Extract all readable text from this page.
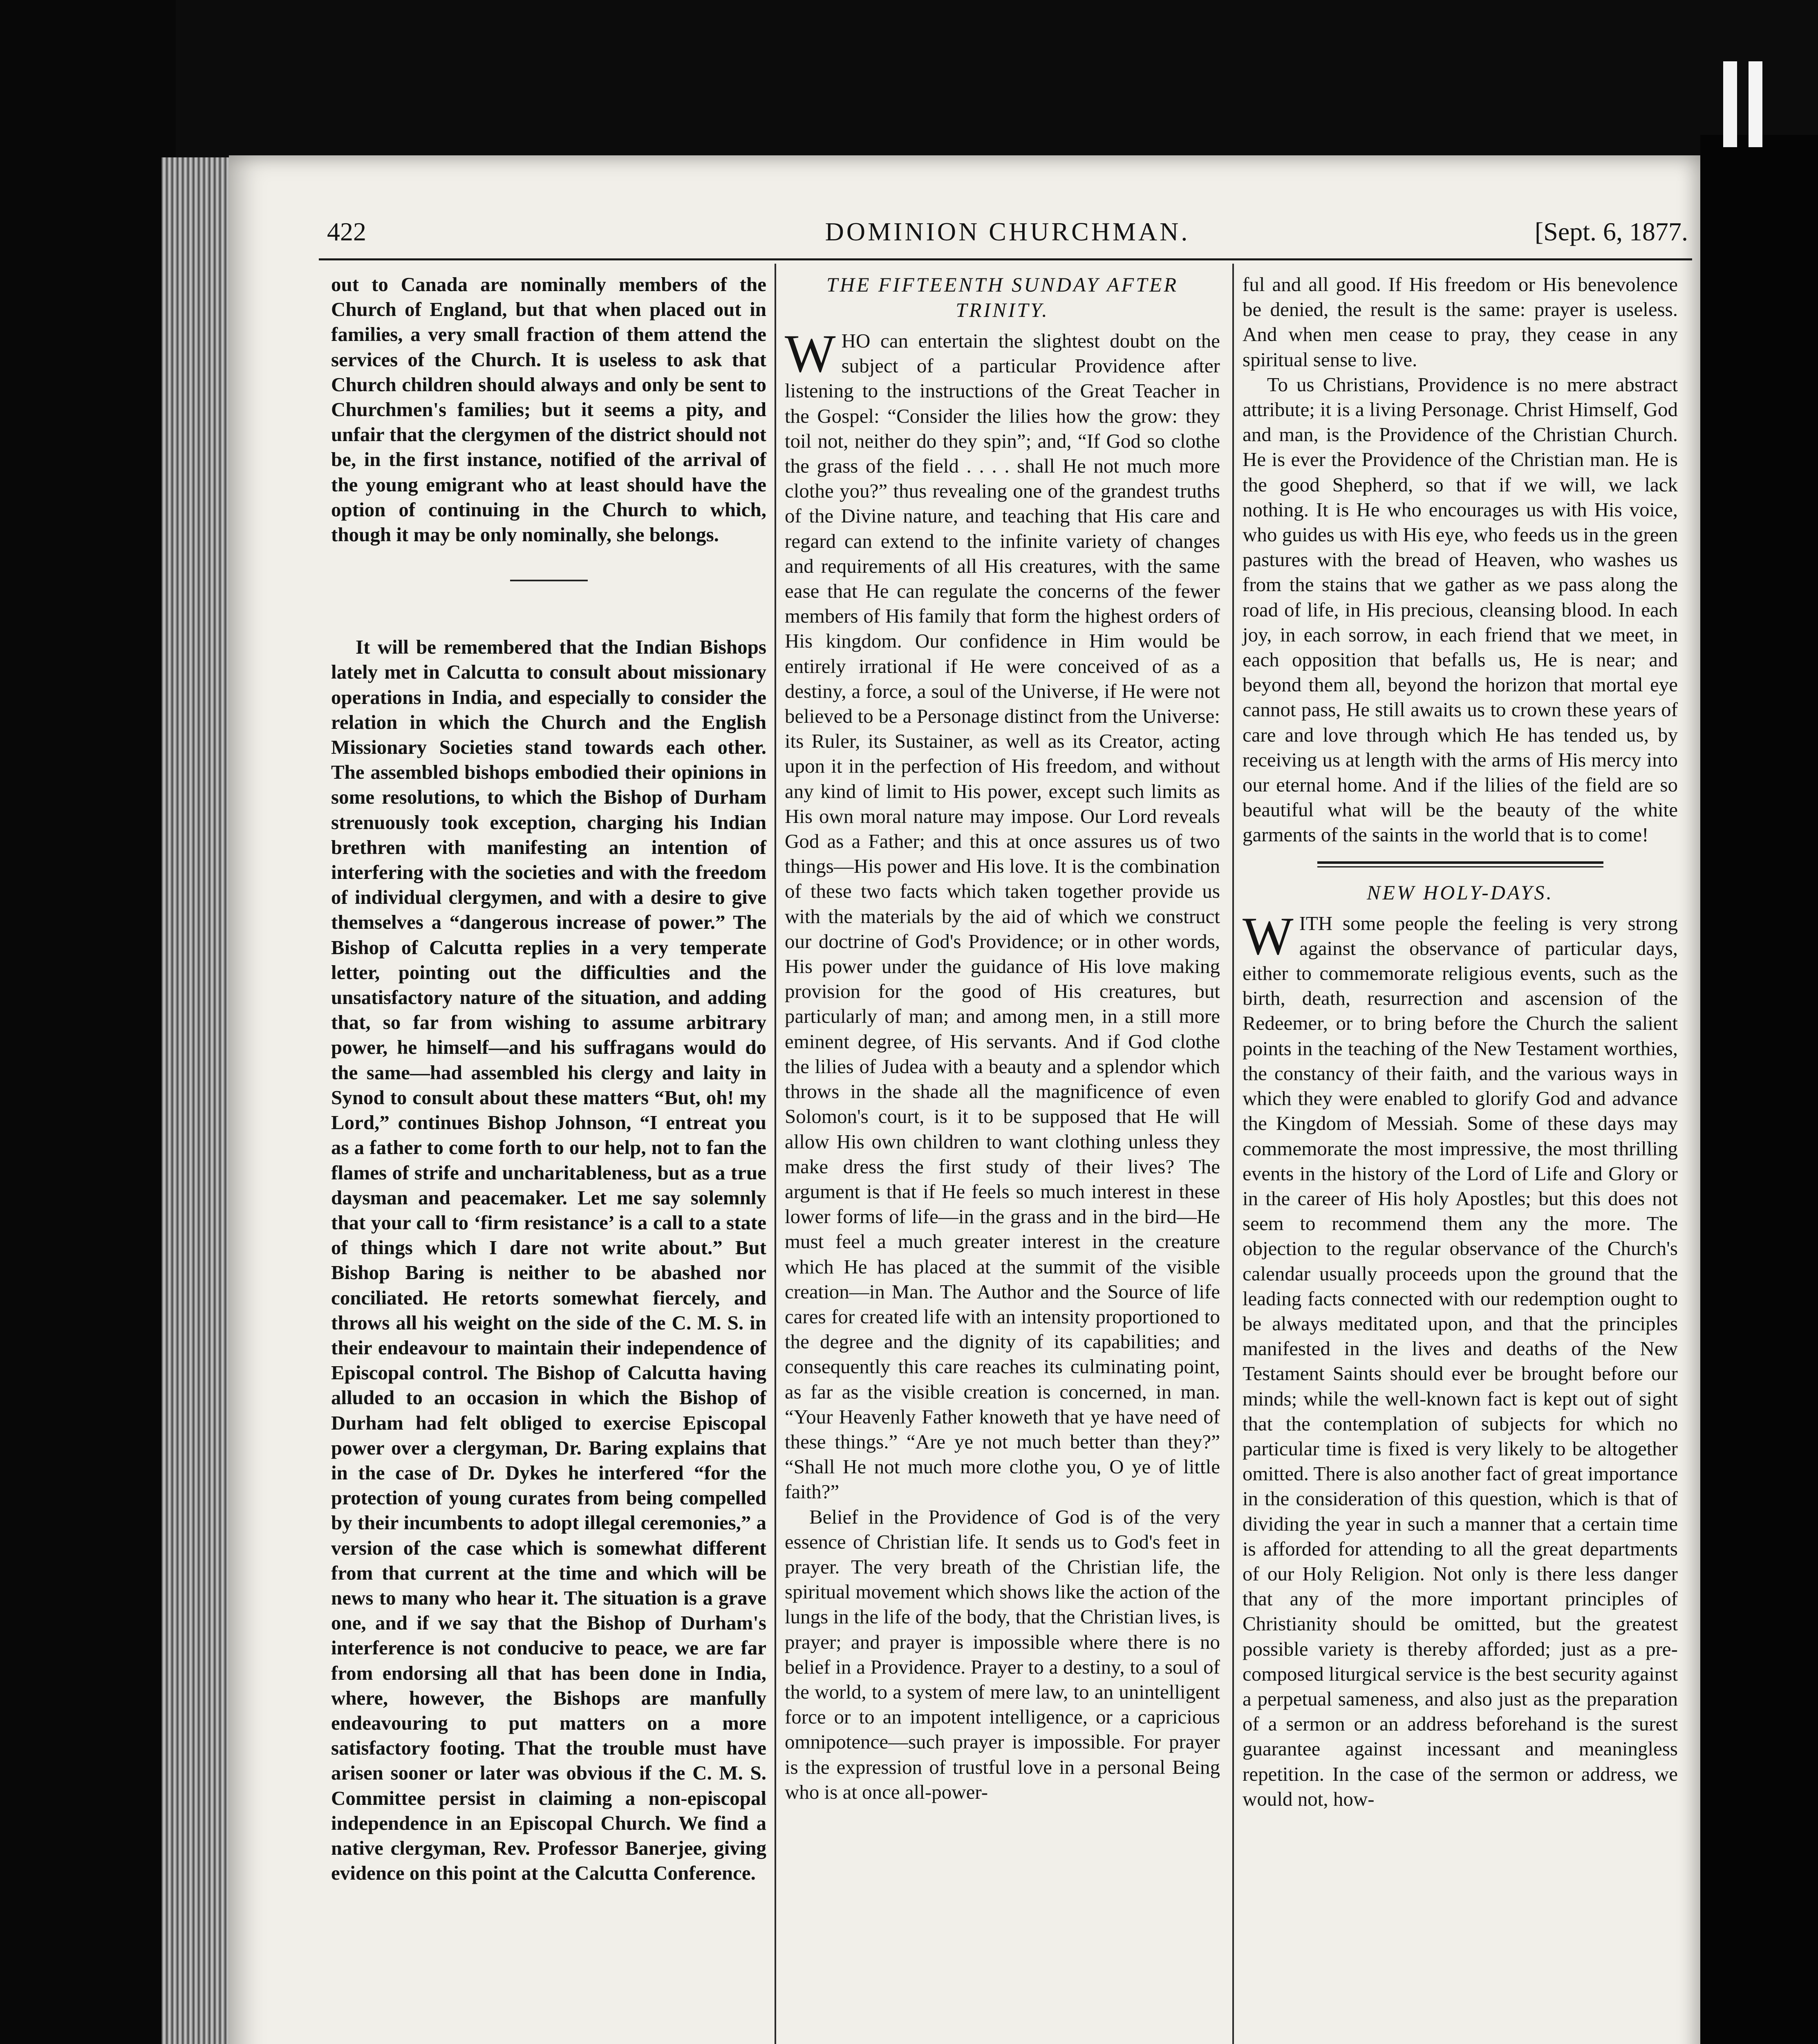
422	DOMINION CHURCHMAN.	[Sept. 6, 1877.

out to Canada are nominally members of the Church of England, but that when placed out in families, a very small fraction of them attend the services of the Church. It is useless to ask that Church children should always and only be sent to Churchmen's families; but it seems a pity, and unfair that the clergymen of the district should not be, in the first instance, notified of the arrival of the young emigrant who at least should have the option of continuing in the Church to which, though it may be only nominally, she belongs.

It will be remembered that the Indian Bishops lately met in Calcutta to consult about missionary operations in India, and especially to consider the relation in which the Church and the English Missionary Societies stand towards each other. The assembled bishops embodied their opinions in some resolutions, to which the Bishop of Durham strenuously took exception, charging his Indian brethren with manifesting an intention of interfering with the societies and with the freedom of individual clergymen, and with a desire to give themselves a “dangerous increase of power.” The Bishop of Calcutta replies in a very temperate letter, pointing out the difficulties and the unsatisfactory nature of the situation, and adding that, so far from wishing to assume arbitrary power, he himself—and his suffragans would do the same—had assembled his clergy and laity in Synod to consult about these matters “But, oh! my Lord,” continues Bishop Johnson, “I entreat you as a father to come forth to our help, not to fan the flames of strife and uncharitableness, but as a true daysman and peacemaker. Let me say solemnly that your call to ‘firm resistance’ is a call to a state of things which I dare not write about.” But Bishop Baring is neither to be abashed nor conciliated. He retorts somewhat fiercely, and throws all his weight on the side of the C. M. S. in their endeavour to maintain their independence of Episcopal control. The Bishop of Calcutta having alluded to an occasion in which the Bishop of Durham had felt obliged to exercise Episcopal power over a clergyman, Dr. Baring explains that in the case of Dr. Dykes he interfered “for the protection of young curates from being compelled by their incumbents to adopt illegal ceremonies,” a version of the case which is somewhat different from that current at the time and which will be news to many who hear it. The situation is a grave one, and if we say that the Bishop of Durham's interference is not conducive to peace, we are far from endorsing all that has been done in India, where, however, the Bishops are manfully endeavouring to put matters on a more satisfactory footing. That the trouble must have arisen sooner or later was obvious if the C. M. S. Committee persist in claiming a non-episcopal independence in an Episcopal Church. We find a native clergyman, Rev. Professor Banerjee, giving evidence on this point at the Calcutta Conference.

THE FIFTEENTH SUNDAY AFTER TRINITY.

WHO can entertain the slightest doubt on the subject of a particular Providence after listening to the instructions of the Great Teacher in the Gospel: “Consider the lilies how the grow: they toil not, neither do they spin”; and, “If God so clothe the grass of the field . . . . shall He not much more clothe you?” thus revealing one of the grandest truths of the Divine nature, and teaching that His care and regard can extend to the infinite variety of changes and requirements of all His creatures, with the same ease that He can regulate the concerns of the fewer members of His family that form the highest orders of His kingdom. Our confidence in Him would be entirely irrational if He were conceived of as a destiny, a force, a soul of the Universe, if He were not believed to be a Personage distinct from the Universe: its Ruler, its Sustainer, as well as its Creator, acting upon it in the perfection of His freedom, and without any kind of limit to His power, except such limits as His own moral nature may impose. Our Lord reveals God as a Father; and this at once assures us of two things—His power and His love. It is the combination of these two facts which taken together provide us with the materials by the aid of which we construct our doctrine of God's Providence; or in other words, His power under the guidance of His love making provision for the good of His creatures, but particularly of man; and among men, in a still more eminent degree, of His servants. And if God clothe the lilies of Judea with a beauty and a splendor which throws in the shade all the magnificence of even Solomon's court, is it to be supposed that He will allow His own children to want clothing unless they make dress the first study of their lives? The argument is that if He feels so much interest in these lower forms of life—in the grass and in the bird—He must feel a much greater interest in the creature which He has placed at the summit of the visible creation—in Man. The Author and the Source of life cares for created life with an intensity proportioned to the degree and the dignity of its capabilities; and consequently this care reaches its culminating point, as far as the visible creation is concerned, in man. “Your Heavenly Father knoweth that ye have need of these things.” “Are ye not much better than they?” “Shall He not much more clothe you, O ye of little faith?”

Belief in the Providence of God is of the very essence of Christian life. It sends us to God's feet in prayer. The very breath of the Christian life, the spiritual movement which shows like the action of the lungs in the life of the body, that the Christian lives, is prayer; and prayer is impossible where there is no belief in a Providence. Prayer to a destiny, to a soul of the world, to a system of mere law, to an unintelligent force or to an impotent intelligence, or a capricious omnipotence—such prayer is impossible. For prayer is the expression of trustful love in a personal Being who is at once all-power-

ful and all good. If His freedom or His benevolence be denied, the result is the same: prayer is useless. And when men cease to pray, they cease in any spiritual sense to live.

To us Christians, Providence is no mere abstract attribute; it is a living Personage. Christ Himself, God and man, is the Providence of the Christian Church. He is ever the Providence of the Christian man. He is the good Shepherd, so that if we will, we lack nothing. It is He who encourages us with His voice, who guides us with His eye, who feeds us in the green pastures with the bread of Heaven, who washes us from the stains that we gather as we pass along the road of life, in His precious, cleansing blood. In each joy, in each sorrow, in each friend that we meet, in each opposition that befalls us, He is near; and beyond them all, beyond the horizon that mortal eye cannot pass, He still awaits us to crown these years of care and love through which He has tended us, by receiving us at length with the arms of His mercy into our eternal home. And if the lilies of the field are so beautiful what will be the beauty of the white garments of the saints in the world that is to come!

NEW HOLY-DAYS.

WITH some people the feeling is very strong against the observance of particular days, either to commemorate religious events, such as the birth, death, resurrection and ascension of the Redeemer, or to bring before the Church the salient points in the teaching of the New Testament worthies, the constancy of their faith, and the various ways in which they were enabled to glorify God and advance the Kingdom of Messiah. Some of these days may commemorate the most impressive, the most thrilling events in the history of the Lord of Life and Glory or in the career of His holy Apostles; but this does not seem to recommend them any the more. The objection to the regular observance of the Church's calendar usually proceeds upon the ground that the leading facts connected with our redemption ought to be always meditated upon, and that the principles manifested in the lives and deaths of the New Testament Saints should ever be brought before our minds; while the well-known fact is kept out of sight that the contemplation of subjects for which no particular time is fixed is very likely to be altogether omitted. There is also another fact of great importance in the consideration of this question, which is that of dividing the year in such a manner that a certain time is afforded for attending to all the great departments of our Holy Religion. Not only is there less danger that any of the more important principles of Christianity should be omitted, but the greatest possible variety is thereby afforded; just as a pre-composed liturgical service is the best security against a perpetual sameness, and also just as the preparation of a sermon or an address beforehand is the surest guarantee against incessant and meaningless repetition. In the case of the sermon or address, we would not, how-
